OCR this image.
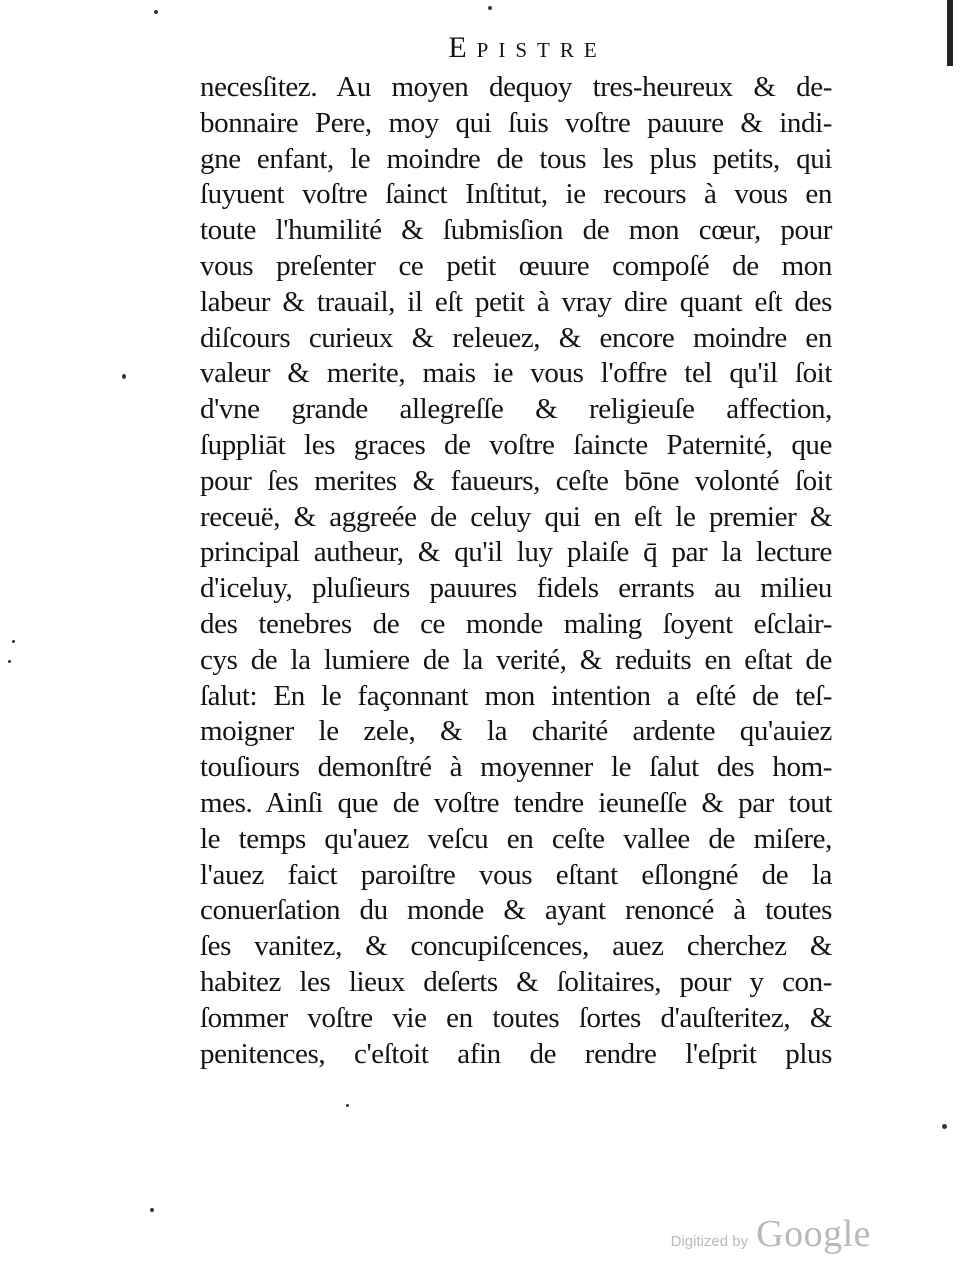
Epistre
necesſitez. Au moyen dequoy tres-heureux & de-
bonnaire Pere, moy qui ſuis voſtre pauure & indi-
gne enfant, le moindre de tous les plus petits, qui
ſuyuent voſtre ſainct Inſtitut, ie recours à vous en
toute l'humilité & ſubmisſion de mon cœur, pour
vous preſenter ce petit œuure compoſé de mon
labeur & trauail, il eſt petit à vray dire quant eſt des
diſcours curieux & releuez, & encore moindre en
valeur & merite, mais ie vous l'offre tel qu'il ſoit
d'vne grande allegreſſe & religieuſe affection,
ſuppliāt les graces de voſtre ſaincte Paternité, que
pour ſes merites & faueurs, ceſte bōne volonté ſoit
receuë, & aggreée de celuy qui en eſt le premier &
principal autheur, & qu'il luy plaiſe q̄ par la lecture
d'iceluy, pluſieurs pauures fidels errants au milieu
des tenebres de ce monde maling ſoyent eſclair-
cys de la lumiere de la verité, & reduits en eſtat de
ſalut: En le façonnant mon intention a eſté de teſ-
moigner le zele, & la charité ardente qu'auiez
touſiours demonſtré à moyenner le ſalut des hom-
mes. Ainſi que de voſtre tendre ieuneſſe & par tout
le temps qu'auez veſcu en ceſte vallee de miſere,
l'auez faict paroiſtre vous eſtant eſlongné de la
conuerſation du monde & ayant renoncé à toutes
ſes vanitez, & concupiſcences, auez cherchez &
habitez les lieux deſerts & ſolitaires, pour y con-
ſommer voſtre vie en toutes ſortes d'auſteritez, &
penitences, c'eſtoit afin de rendre l'eſprit plus
Digitized by Google
